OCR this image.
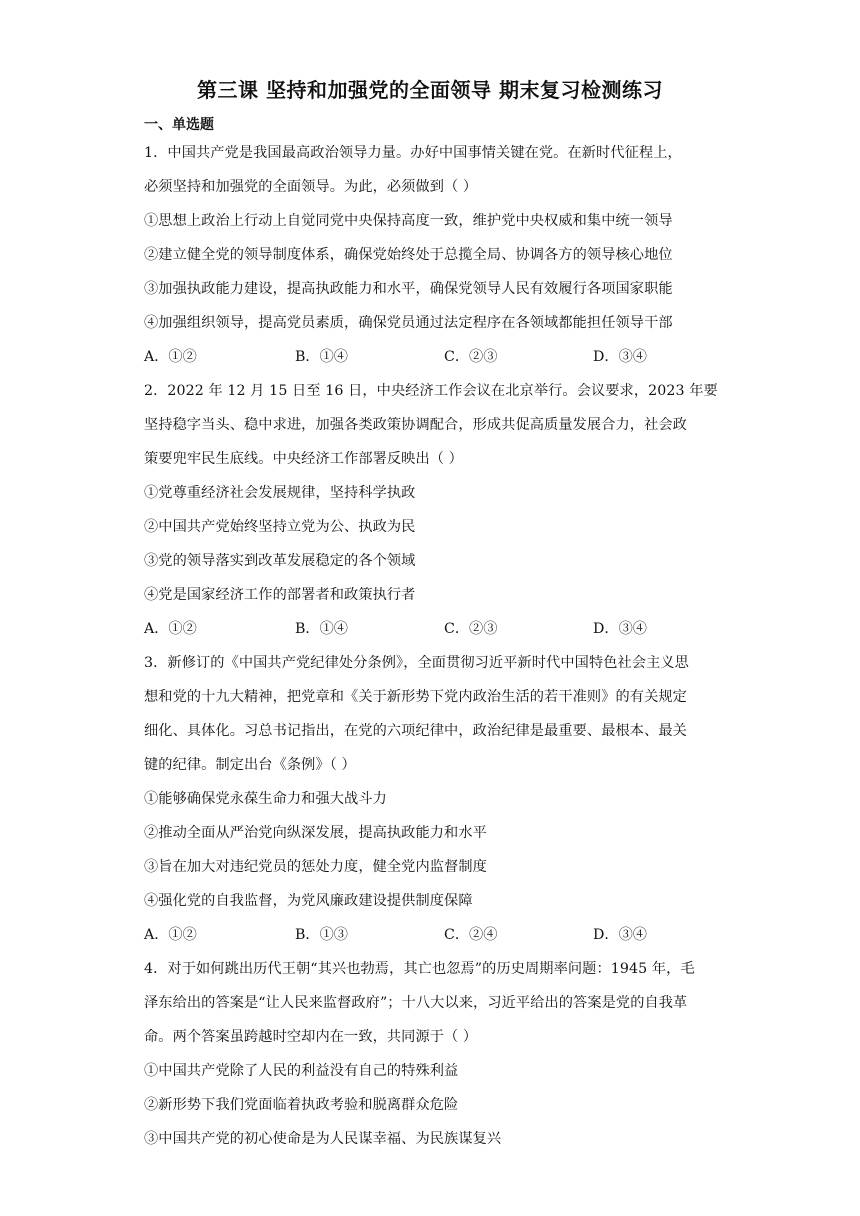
第三课 坚持和加强党的全面领导 期末复习检测练习
一、单选题
1．中国共产党是我国最高政治领导力量。办好中国事情关键在党。在新时代征程上，
必须坚持和加强党的全面领导。为此，必须做到（ ）
①思想上政治上行动上自觉同党中央保持高度一致，维护党中央权威和集中统一领导
②建立健全党的领导制度体系，确保党始终处于总揽全局、协调各方的领导核心地位
③加强执政能力建设，提高执政能力和水平，确保党领导人民有效履行各项国家职能
④加强组织领导，提高党员素质，确保党员通过法定程序在各领域都能担任领导干部
A．①②	B．①④	C．②③	D．③④
2．2022 年 12 月 15 日至 16 日，中央经济工作会议在北京举行。会议要求，2023 年要
坚持稳字当头、稳中求进，加强各类政策协调配合，形成共促高质量发展合力，社会政
策要兜牢民生底线。中央经济工作部署反映出（ ）
①党尊重经济社会发展规律，坚持科学执政
②中国共产党始终坚持立党为公、执政为民
③党的领导落实到改革发展稳定的各个领域
④党是国家经济工作的部署者和政策执行者
A．①②	B．①④	C．②③	D．③④
3．新修订的《中国共产党纪律处分条例》，全面贯彻习近平新时代中国特色社会主义思
想和党的十九大精神，把党章和《关于新形势下党内政治生活的若干准则》的有关规定
细化、具体化。习总书记指出，在党的六项纪律中，政治纪律是最重要、最根本、最关
键的纪律。制定出台《条例》（ ）
①能够确保党永葆生命力和强大战斗力
②推动全面从严治党向纵深发展，提高执政能力和水平
③旨在加大对违纪党员的惩处力度，健全党内监督制度
④强化党的自我监督，为党风廉政建设提供制度保障
A．①②	B．①③	C．②④	D．③④
4．对于如何跳出历代王朝“其兴也勃焉，其亡也忽焉”的历史周期率问题：1945 年，毛
泽东给出的答案是“让人民来监督政府”；十八大以来，习近平给出的答案是党的自我革
命。两个答案虽跨越时空却内在一致，共同源于（ ）
①中国共产党除了人民的利益没有自己的特殊利益
②新形势下我们党面临着执政考验和脱离群众危险
③中国共产党的初心使命是为人民谋幸福、为民族谋复兴
